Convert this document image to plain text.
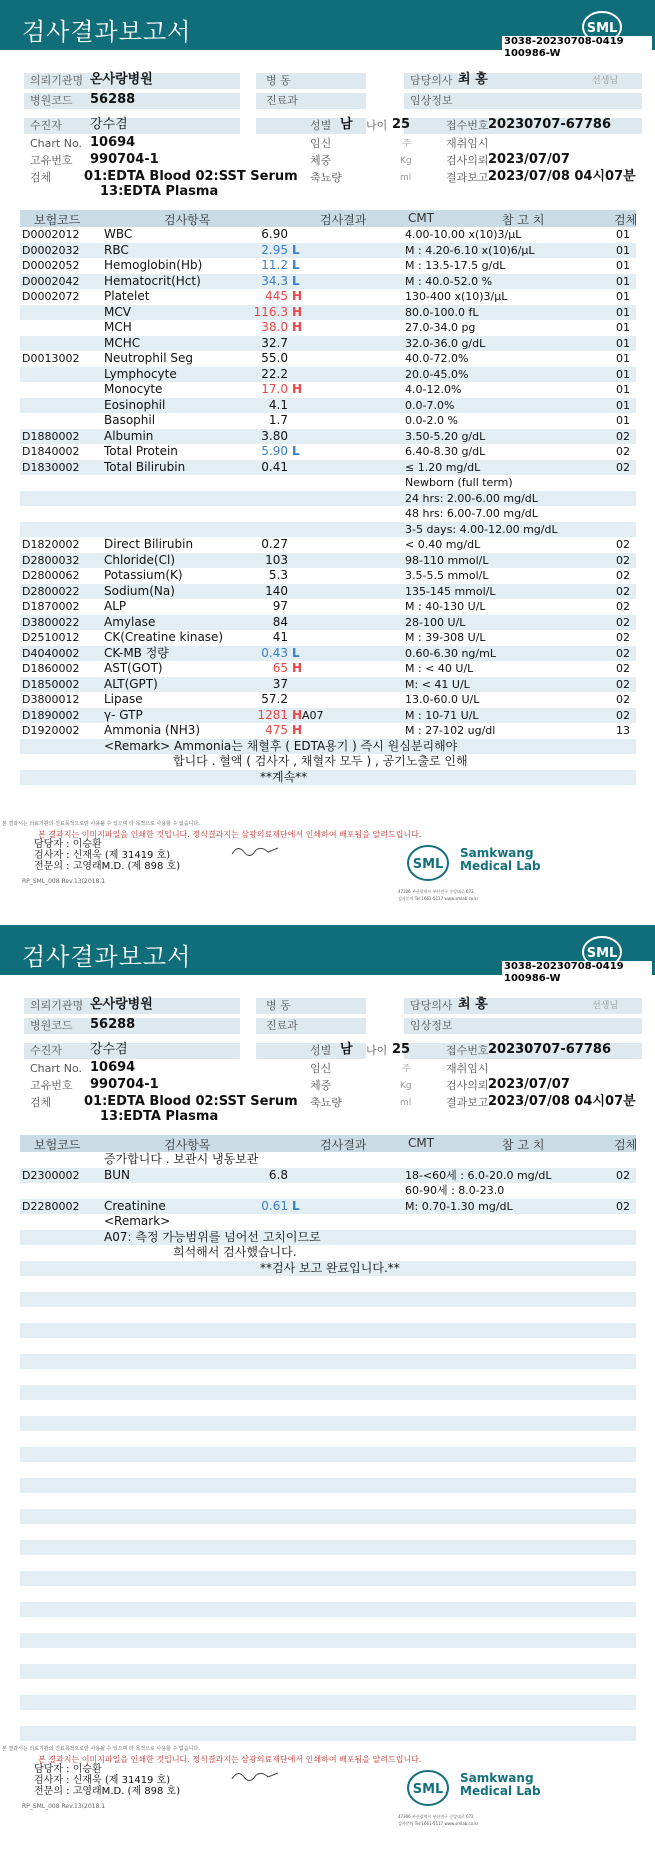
검사결과보고서	SML
3038-20230708-0419
100986-W
의뢰기관명 온사랑병원	병 동	담당의사 최 홍	선생님
병원코드 56288	진료과	임상정보
수진자 강수겸	성별 남 나이 25	접수번호 20230707-67786
Chart No. 10694	임신	주	재취임시
고유번호 990704-1	체중	Kg	검사의뢰 2023/07/07
검체	01:EDTA Blood 02:SST Serum
13:EDTA Plasma
축뇨량	ml	결과보고 2023/07/08 04시07분
보험코드	검사항목	검사결과	CMT	참 고 치	검체
D0002012 WBC	6.90	4.00-10.00 x(10)3/μL	01
D0002032 RBC	2.95 L	M : 4.20-6.10 x(10)6/μL	01
D0002052 Hemoglobin(Hb)	11.2 L	M : 13.5-17.5 g/dL	01
D0002042 Hematocrit(Hct)	34.3 L	M : 40.0-52.0 %	01
D0002072 Platelet	445 H	130-400 x(10)3/μL	01
MCV	116.3 H	80.0-100.0 fL	01
MCH	38.0 H	27.0-34.0 pg	01
MCHC	32.7	32.0-36.0 g/dL	01
D0013002 Neutrophil Seg	55.0	40.0-72.0%	01
Lymphocyte	22.2	20.0-45.0%	01
Monocyte	17.0 H	4.0-12.0%	01
Eosinophil	4.1	0.0-7.0%	01
Basophil	1.7	0.0-2.0 %	01
D1880002 Albumin	3.80	3.50-5.20 g/dL	02
D1840002 Total Protein	5.90 L	6.40-8.30 g/dL	02
D1830002 Total Bilirubin	0.41	≤ 1.20 mg/dL	02
Newborn (full term)
24 hrs: 2.00-6.00 mg/dL
48 hrs: 6.00-7.00 mg/dL
3-5 days: 4.00-12.00 mg/dL
D1820002 Direct Bilirubin	0.27	< 0.40 mg/dL	02
D2800032 Chloride(Cl)	103	98-110 mmol/L	02
D2800062 Potassium(K)	5.3	3.5-5.5 mmol/L	02
D2800022 Sodium(Na)	140	135-145 mmol/L	02
D1870002 ALP	97	M : 40-130 U/L	02
D3800022 Amylase	84	28-100 U/L	02
D2510012 CK(Creatine kinase)	41	M : 39-308 U/L	02
D4040002 CK-MB 정량	0.43 L	0.60-6.30 ng/mL	02
D1860002 AST(GOT)	65 H	M : < 40 U/L	02
D1850002 ALT(GPT)	37	M: < 41 U/L	02
D3800012 Lipase	57.2	13.0-60.0 U/L	02
D1890002 γ- GTP	1281 H A07	M : 10-71 U/L	02
D1920002 Ammonia (NH3)	475 H	M : 27-102 ug/dl	13
<Remark> Ammonia는 채혈후 ( EDTA용기 ) 즉시 원심분리해야
합니다 . 혈액 ( 검사자 , 채혈자 모두 ) , 공기노출로 인해
**계속**
본 결과서는 의료기관의 진료목적으로만 사용될 수 있으며 타 목적으로 사용할 수 없습니다.
본 결과지는 이미지파일을 인쇄한 것입니다. 정식결과지는 삼광의료재단에서 인쇄하여 배포됨을 알려드립니다.
담당자 : 이승환
검사자 : 신재욱 (제 31419 호)
전문의 : 고영래M.D. (제 898 호)	SML
Samkwang
Medical Lab
47306 부산광역시 부산진구 중앙대로 672
검사문의 Tel:1661-5117 www.smlab.co.kr
RP_SML_008 Rev.13(2018.1
검사결과보고서	SML
3038-20230708-0419
100986-W
의뢰기관명 온사랑병원	병 동	담당의사 최 홍	선생님
병원코드 56288	진료과	임상정보
수진자 강수겸	성별 남 나이 25	접수번호 20230707-67786
Chart No. 10694	임신	주	재취임시
고유번호 990704-1	체중	Kg	검사의뢰 2023/07/07
검체	01:EDTA Blood 02:SST Serum
13:EDTA Plasma
축뇨량	ml	결과보고 2023/07/08 04시07분
보험코드	검사항목	검사결과	CMT	참 고 치	검체
증가합니다 . 보관시 냉동보관
D2300002 BUN	6.8	18-<60세 : 6.0-20.0 mg/dL	02
60-90세 : 8.0-23.0
D2280002 Creatinine	0.61 L	M: 0.70-1.30 mg/dL	02
<Remark>
A07: 측정 가능범위를 넘어선 고치이므로
희석해서 검사했습니다.
**검사 보고 완료입니다.**
본 결과서는 의료기관의 진료목적으로만 사용될 수 있으며 타 목적으로 사용할 수 없습니다.
본 결과지는 이미지파일을 인쇄한 것입니다. 정식결과지는 삼광의료재단에서 인쇄하여 배포됨을 알려드립니다.
담당자 : 이승환
검사자 : 신재욱 (제 31419 호)
전문의 : 고영래M.D. (제 898 호)	SML
Samkwang
Medical Lab
47306 부산광역시 부산진구 중앙대로 672
검사문의 Tel:1661-5117 www.smlab.co.kr
RP_SML_008 Rev.13(2018.1
